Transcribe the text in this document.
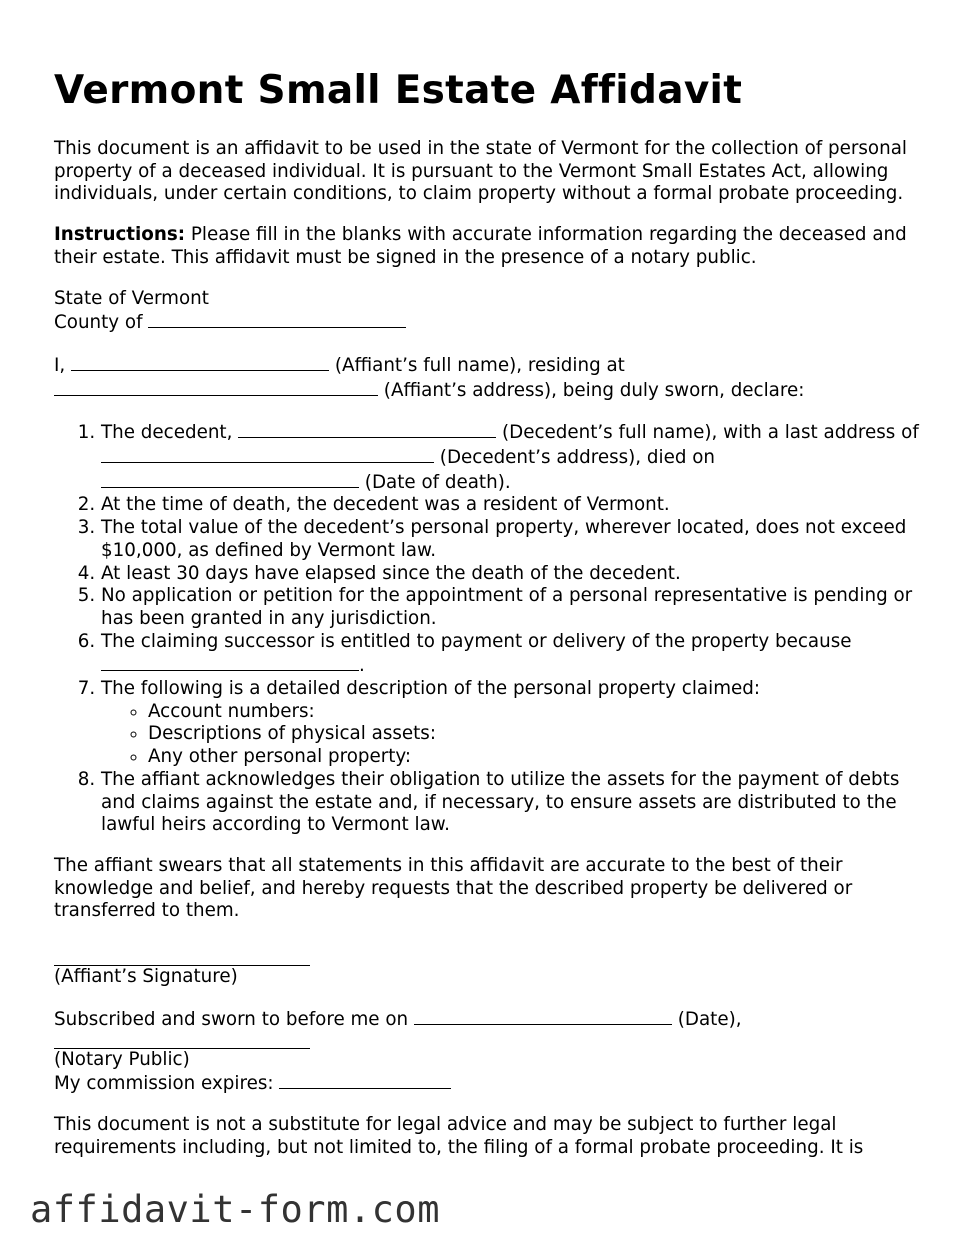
Vermont Small Estate Affidavit

This document is an affidavit to be used in the state of Vermont for the collection of personal property of a deceased individual. It is pursuant to the Vermont Small Estates Act, allowing individuals, under certain conditions, to claim property without a formal probate proceeding.

Instructions: Please fill in the blanks with accurate information regarding the deceased and their estate. This affidavit must be signed in the presence of a notary public.

State of Vermont
County of

I,	(Affiant’s full name), residing at
(Affiant’s address), being duly sworn, declare:

1. The decedent,	(Decedent’s full name), with a last address of  (Decedent’s address), died on  (Date of death).
2. At the time of death, the decedent was a resident of Vermont.
3. The total value of the decedent’s personal property, wherever located, does not exceed $10,000, as defined by Vermont law.
4. At least 30 days have elapsed since the death of the decedent.
5. No application or petition for the appointment of a personal representative is pending or has been granted in any jurisdiction.
6. The claiming successor is entitled to payment or delivery of the property because .
7. The following is a detailed description of the personal property claimed:
◦ Account numbers:
◦ Descriptions of physical assets:
◦ Any other personal property:
8. The affiant acknowledges their obligation to utilize the assets for the payment of debts and claims against the estate and, if necessary, to ensure assets are distributed to the lawful heirs according to Vermont law.

The affiant swears that all statements in this affidavit are accurate to the best of their knowledge and belief, and hereby requests that the described property be delivered or transferred to them.

(Affiant’s Signature)

Subscribed and sworn to before me on	(Date),
(Notary Public)
My commission expires:

This document is not a substitute for legal advice and may be subject to further legal requirements including, but not limited to, the filing of a formal probate proceeding. It is

affidavit-form.com
